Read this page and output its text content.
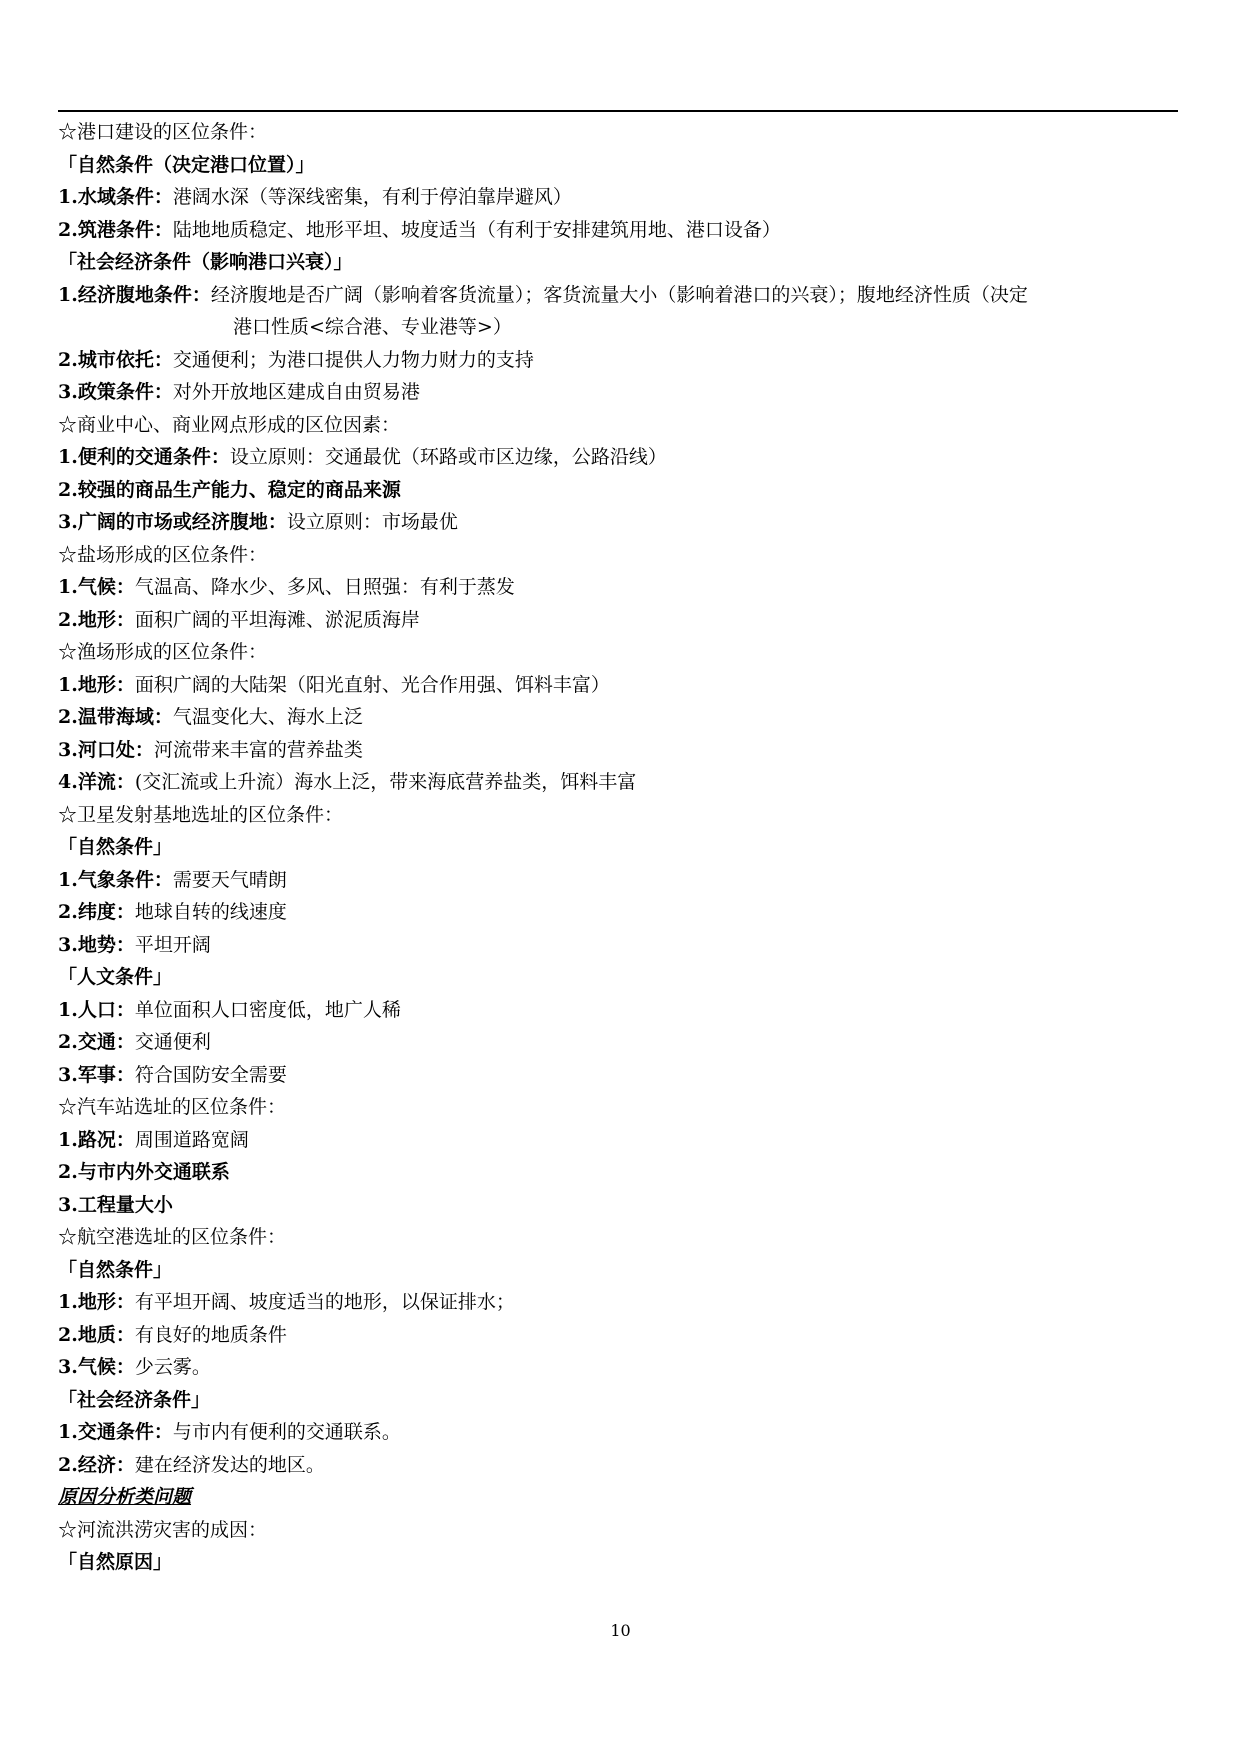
☆港口建设的区位条件：
「自然条件（决定港口位置）」
1.水域条件：港阔水深（等深线密集，有利于停泊靠岸避风）
2.筑港条件：陆地地质稳定、地形平坦、坡度适当（有利于安排建筑用地、港口设备）
「社会经济条件（影响港口兴衰）」
1.经济腹地条件：经济腹地是否广阔（影响着客货流量）；客货流量大小（影响着港口的兴衰）；腹地经济性质（决定
港口性质<综合港、专业港等>）
2.城市依托：交通便利；为港口提供人力物力财力的支持
3.政策条件：对外开放地区建成自由贸易港
☆商业中心、商业网点形成的区位因素：
1.便利的交通条件：设立原则：交通最优（环路或市区边缘，公路沿线）
2.较强的商品生产能力、稳定的商品来源
3.广阔的市场或经济腹地：设立原则：市场最优
☆盐场形成的区位条件：
1.气候：气温高、降水少、多风、日照强：有利于蒸发
2.地形：面积广阔的平坦海滩、淤泥质海岸
☆渔场形成的区位条件：
1.地形：面积广阔的大陆架（阳光直射、光合作用强、饵料丰富）
2.温带海域：气温变化大、海水上泛
3.河口处：河流带来丰富的营养盐类
4.洋流：(交汇流或上升流）海水上泛，带来海底营养盐类，饵料丰富
☆卫星发射基地选址的区位条件：
「自然条件」
1.气象条件：需要天气晴朗
2.纬度：地球自转的线速度
3.地势：平坦开阔
「人文条件」
1.人口：单位面积人口密度低，地广人稀
2.交通：交通便利
3.军事：符合国防安全需要
☆汽车站选址的区位条件：
1.路况：周围道路宽阔
2.与市内外交通联系
3.工程量大小
☆航空港选址的区位条件：
「自然条件」
1.地形：有平坦开阔、坡度适当的地形，以保证排水；
2.地质：有良好的地质条件
3.气候：少云雾。
「社会经济条件」
1.交通条件：与市内有便利的交通联系。
2.经济：建在经济发达的地区。
原因分析类问题
☆河流洪涝灾害的成因：
「自然原因」
10
